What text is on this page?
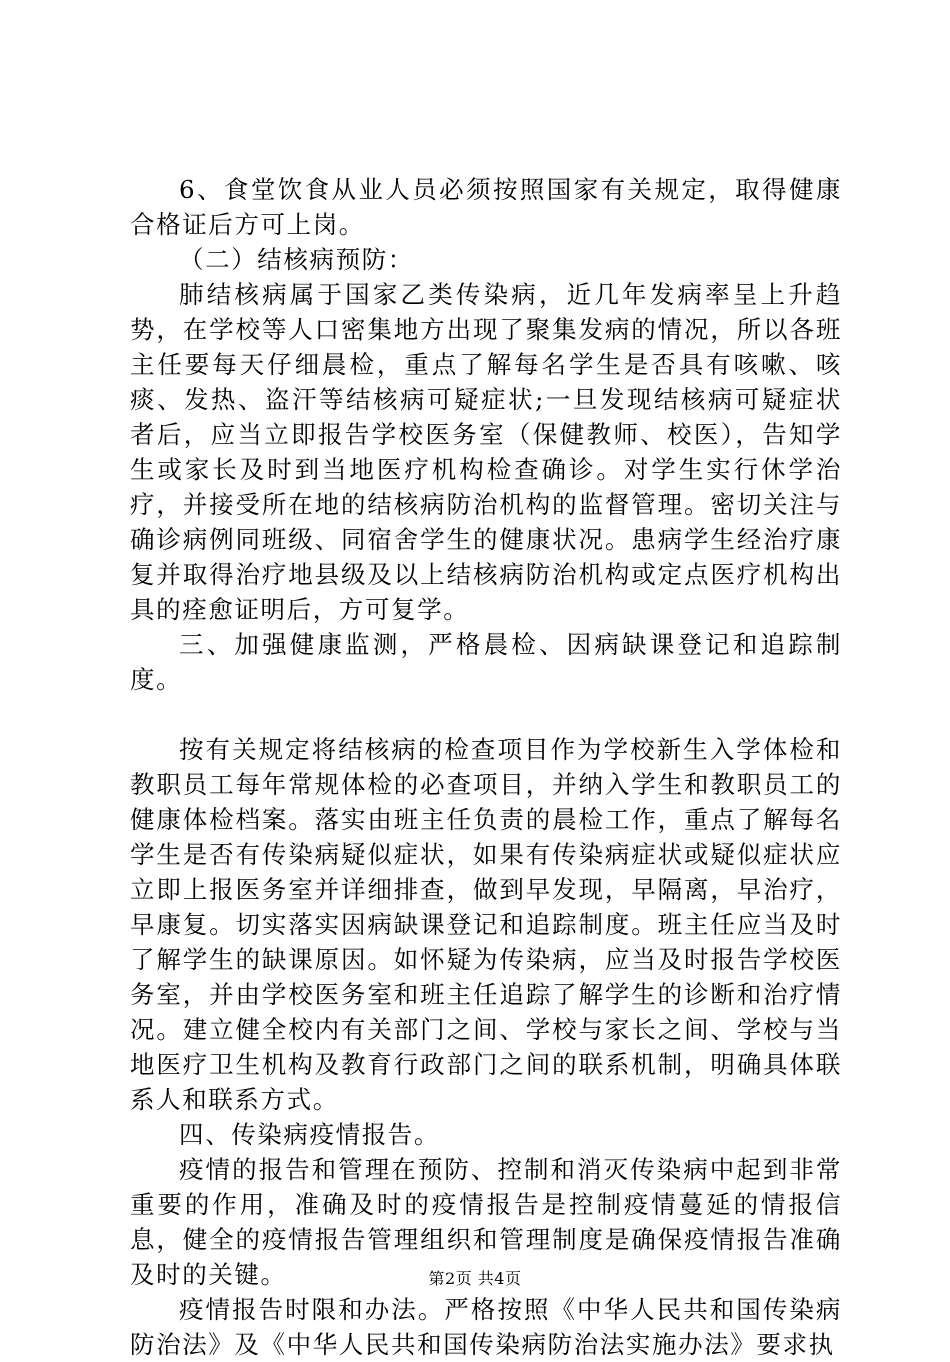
6、食堂饮食从业人员必须按照国家有关规定，取得健康合格证后方可上岗。

（二）结核病预防：

肺结核病属于国家乙类传染病，近几年发病率呈上升趋势，在学校等人口密集地方出现了聚集发病的情况，所以各班主任要每天仔细晨检，重点了解每名学生是否具有咳嗽、咳痰、发热、盗汗等结核病可疑症状;一旦发现结核病可疑症状者后，应当立即报告学校医务室（保健教师、校医），告知学生或家长及时到当地医疗机构检查确诊。对学生实行休学治疗，并接受所在地的结核病防治机构的监督管理。密切关注与确诊病例同班级、同宿舍学生的健康状况。患病学生经治疗康复并取得治疗地县级及以上结核病防治机构或定点医疗机构出具的痊愈证明后，方可复学。

三、加强健康监测，严格晨检、因病缺课登记和追踪制度。

按有关规定将结核病的检查项目作为学校新生入学体检和教职员工每年常规体检的必查项目，并纳入学生和教职员工的健康体检档案。落实由班主任负责的晨检工作，重点了解每名学生是否有传染病疑似症状，如果有传染病症状或疑似症状应立即上报医务室并详细排查，做到早发现，早隔离，早治疗，早康复。切实落实因病缺课登记和追踪制度。班主任应当及时了解学生的缺课原因。如怀疑为传染病，应当及时报告学校医务室，并由学校医务室和班主任追踪了解学生的诊断和治疗情况。建立健全校内有关部门之间、学校与家长之间、学校与当地医疗卫生机构及教育行政部门之间的联系机制，明确具体联系人和联系方式。

四、传染病疫情报告。

疫情的报告和管理在预防、控制和消灭传染病中起到非常重要的作用，准确及时的疫情报告是控制疫情蔓延的情报信息，健全的疫情报告管理组织和管理制度是确保疫情报告准确及时的关键。

疫情报告时限和办法。严格按照《中华人民共和国传染病防治法》及《中华人民共和国传染病防治法实施办法》要求执

第2页 共4页
